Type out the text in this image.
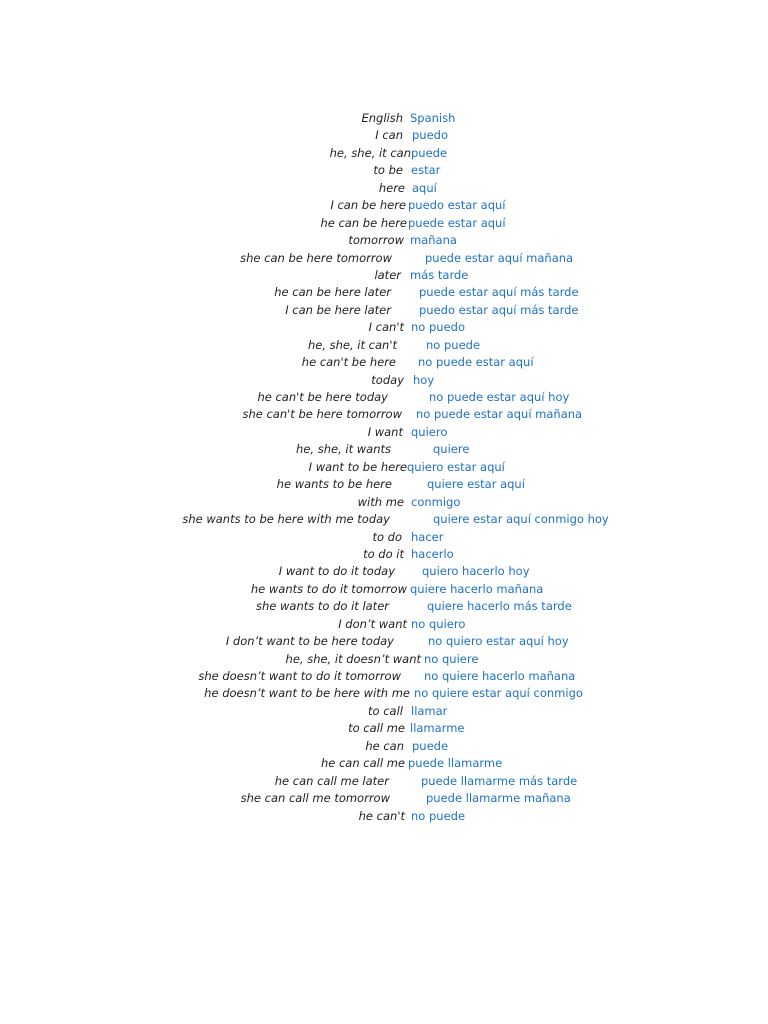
English Spanish
I can puedo
he, she, it can puede
to be estar
here aquí
I can be here puedo estar aquí
he can be here puede estar aquí
tomorrow mañana
she can be here tomorrow	puede estar aquí mañana
later más tarde
he can be here later puede estar aquí más tarde
I can be here later puedo estar aquí más tarde
I can't no puedo
he, she, it can't	no puede
he can't be here no puede estar aquí
today hoy
he can't be here today	no puede estar aquí hoy
she can't be here tomorrow no puede estar aquí mañana
I want quiero
he, she, it wants	quiere
I want to be here quiero estar aquí
he wants to be here	quiere estar aquí
with me conmigo
she wants to be here with me today	quiere estar aquí conmigo hoy
to do hacer
to do it hacerlo
I want to do it today quiero hacerlo hoy
he wants to do it tomorrow quiere hacerlo mañana
she wants to do it later	quiere hacerlo más tarde
I don’t want no quiero
I don’t want to be here today	no quiero estar aquí hoy
he, she, it doesn’t want no quiere
she doesn’t want to do it tomorrow no quiere hacerlo mañana
he doesn’t want to be here with me no quiere estar aquí conmigo
to call llamar
to call me llamarme
he can puede
he can call me puede llamarme
he can call me later	puede llamarme más tarde
she can call me tomorrow	puede llamarme mañana
he can't no puede
